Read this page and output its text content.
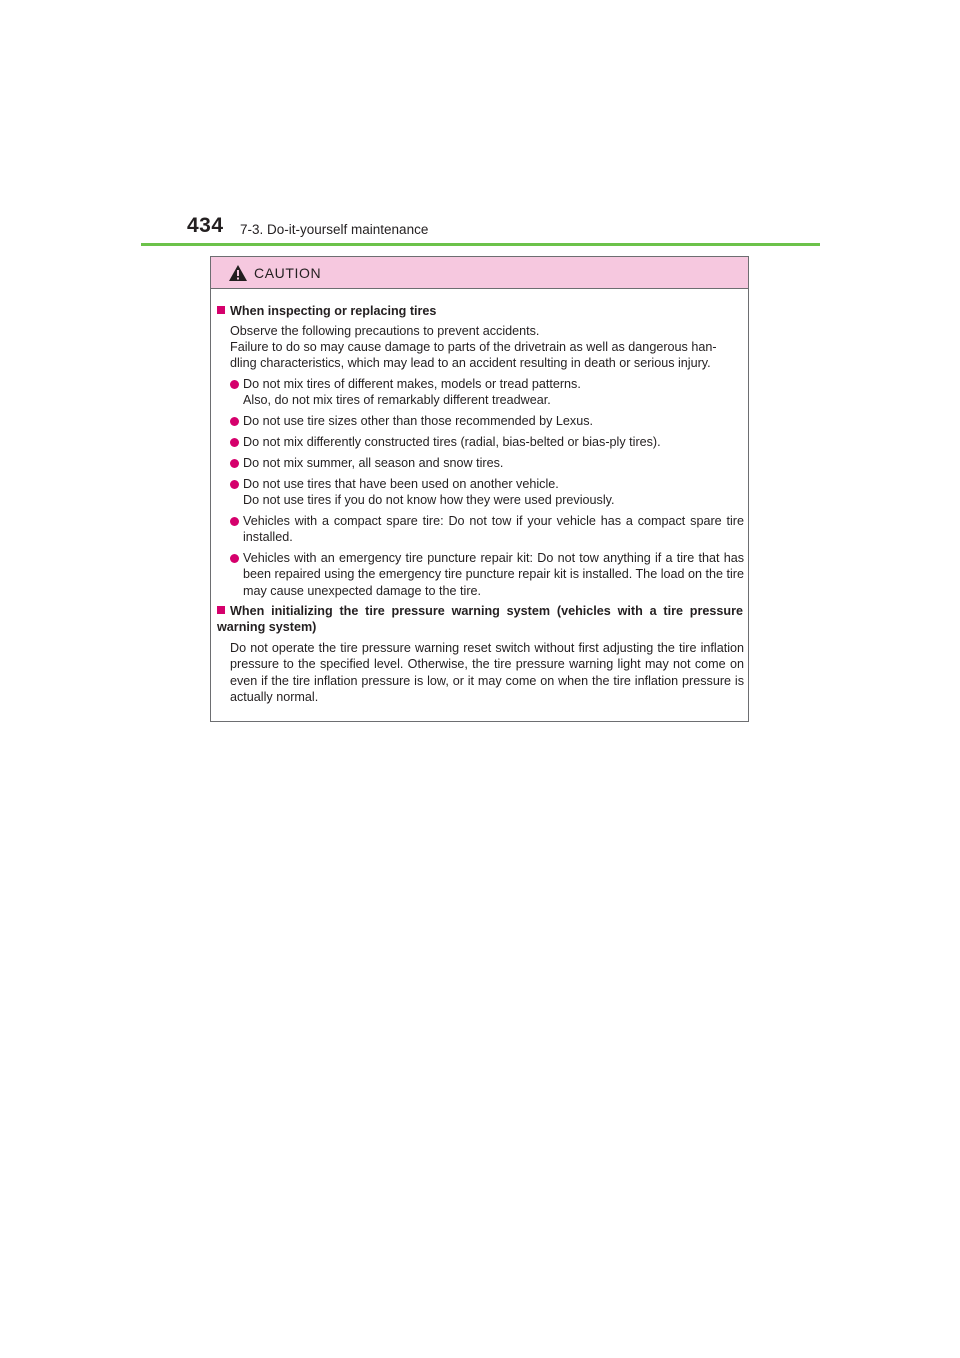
434 7-3. Do-it-yourself maintenance
CAUTION
When inspecting or replacing tires
Observe the following precautions to prevent accidents.
Failure to do so may cause damage to parts of the drivetrain as well as dangerous han-
dling characteristics, which may lead to an accident resulting in death or serious injury.
Do not mix tires of different makes, models or tread patterns.
Also, do not mix tires of remarkably different treadwear.
Do not use tire sizes other than those recommended by Lexus.
Do not mix differently constructed tires (radial, bias-belted or bias-ply tires).
Do not mix summer, all season and snow tires.
Do not use tires that have been used on another vehicle.
Do not use tires if you do not know how they were used previously.
Vehicles with a compact spare tire: Do not tow if your vehicle has a compact spare tire installed.
Vehicles with an emergency tire puncture repair kit: Do not tow anything if a tire that has been repaired using the emergency tire puncture repair kit is installed. The load on the tire may cause unexpected damage to the tire.
When initializing the tire pressure warning system (vehicles with a tire pressure warning system)
Do not operate the tire pressure warning reset switch without first adjusting the tire inflation pressure to the specified level. Otherwise, the tire pressure warning light may not come on even if the tire inflation pressure is low, or it may come on when the tire inflation pressure is actually normal.
